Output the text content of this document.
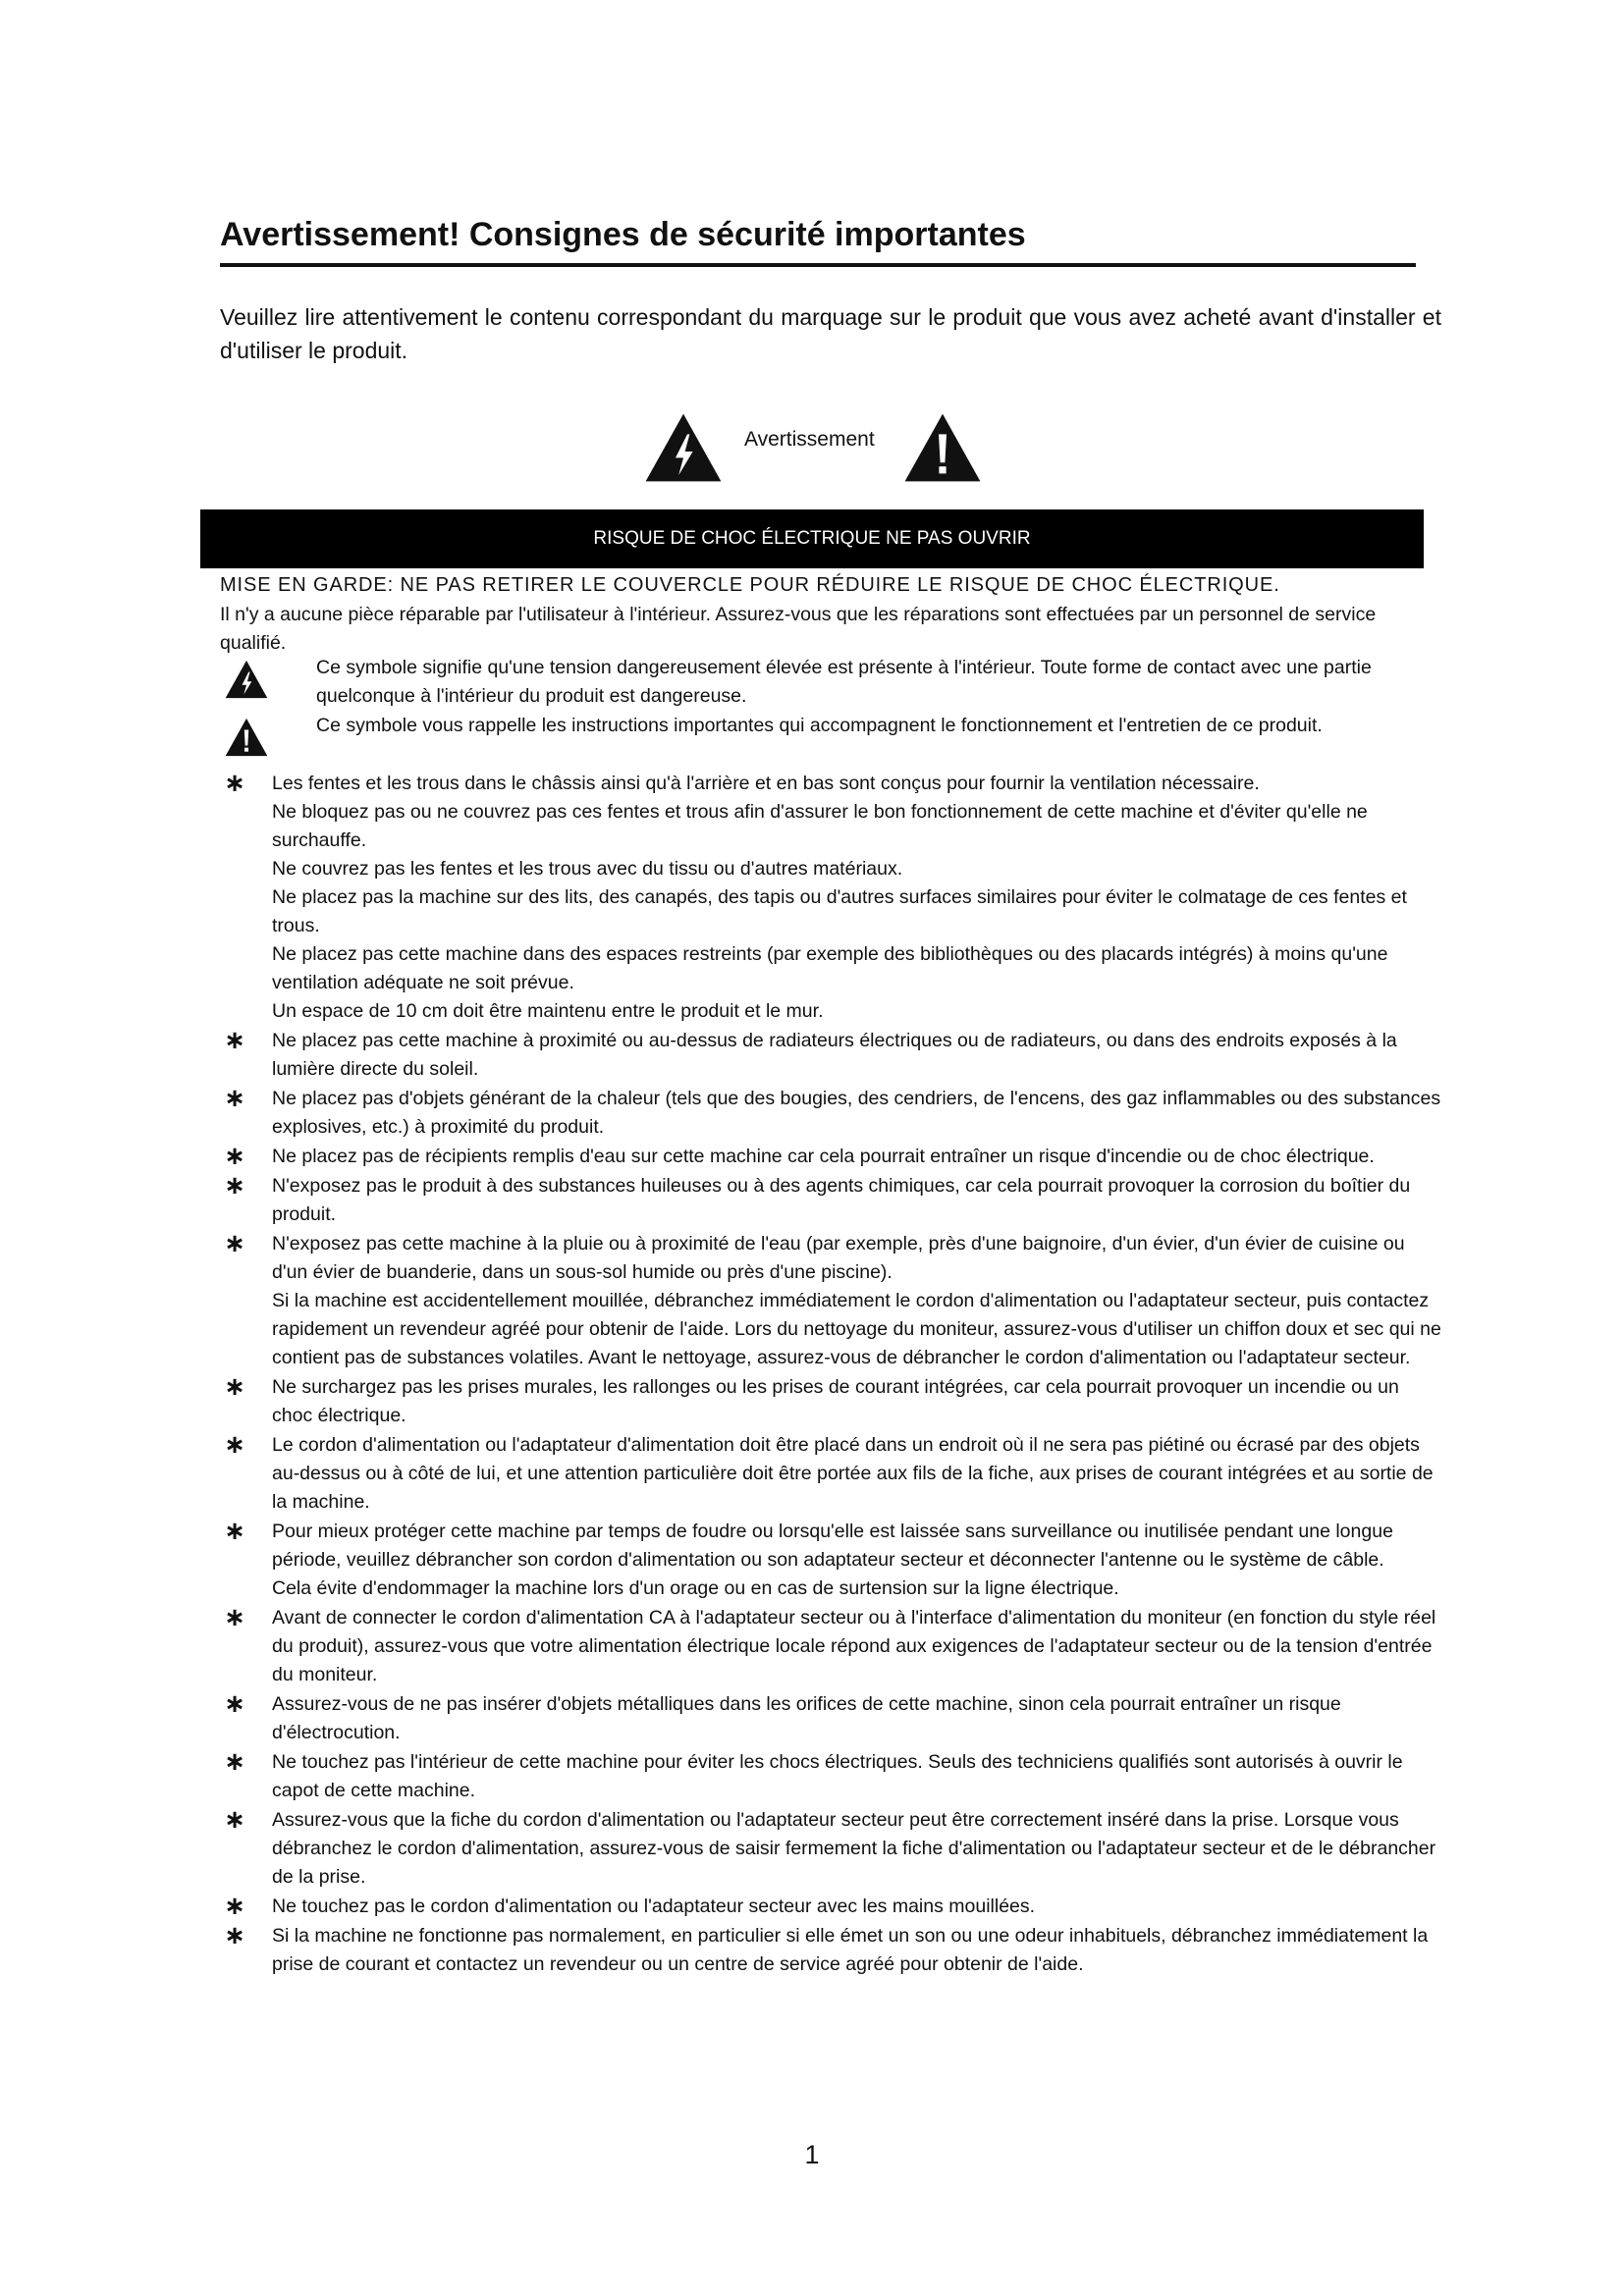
Avertissement! Consignes de sécurité importantes

Veuillez lire attentivement le contenu correspondant du marquage sur le produit que vous avez acheté avant d'installer et d'utiliser le produit.

Avertissement
RISQUE DE CHOC ÉLECTRIQUE NE PAS OUVRIR

MISE EN GARDE: NE PAS RETIRER LE COUVERCLE POUR RÉDUIRE LE RISQUE DE CHOC ÉLECTRIQUE.

Il n'y a aucune pièce réparable par l'utilisateur à l'intérieur. Assurez-vous que les réparations sont effectuées par un personnel de service qualifié.

Ce symbole signifie qu'une tension dangereusement élevée est présente à l'intérieur. Toute forme de contact avec une partie quelconque à l'intérieur du produit est dangereuse.

Ce symbole vous rappelle les instructions importantes qui accompagnent le fonctionnement et l'entretien de ce produit.

∗ Les fentes et les trous dans le châssis ainsi qu'à l'arrière et en bas sont conçus pour fournir la ventilation nécessaire.
Ne bloquez pas ou ne couvrez pas ces fentes et trous afin d'assurer le bon fonctionnement de cette machine et d'éviter qu'elle ne surchauffe.
Ne couvrez pas les fentes et les trous avec du tissu ou d'autres matériaux.
Ne placez pas la machine sur des lits, des canapés, des tapis ou d'autres surfaces similaires pour éviter le colmatage de ces fentes et trous.
Ne placez pas cette machine dans des espaces restreints (par exemple des bibliothèques ou des placards intégrés) à moins qu'une ventilation adéquate ne soit prévue.
Un espace de 10 cm doit être maintenu entre le produit et le mur.
∗ Ne placez pas cette machine à proximité ou au-dessus de radiateurs électriques ou de radiateurs, ou dans des endroits exposés à la lumière directe du soleil.
∗ Ne placez pas d'objets générant de la chaleur (tels que des bougies, des cendriers, de l'encens, des gaz inflammables ou des substances explosives, etc.) à proximité du produit.
∗ Ne placez pas de récipients remplis d'eau sur cette machine car cela pourrait entraîner un risque d'incendie ou de choc électrique.
∗ N'exposez pas le produit à des substances huileuses ou à des agents chimiques, car cela pourrait provoquer la corrosion du boîtier du produit.
∗ N'exposez pas cette machine à la pluie ou à proximité de l'eau (par exemple, près d'une baignoire, d'un évier, d'un évier de cuisine ou d'un évier de buanderie, dans un sous-sol humide ou près d'une piscine).
Si la machine est accidentellement mouillée, débranchez immédiatement le cordon d'alimentation ou l'adaptateur secteur, puis contactez rapidement un revendeur agréé pour obtenir de l'aide. Lors du nettoyage du moniteur, assurez-vous d'utiliser un chiffon doux et sec qui ne contient pas de substances volatiles. Avant le nettoyage, assurez-vous de débrancher le cordon d'alimentation ou l'adaptateur secteur.
∗ Ne surchargez pas les prises murales, les rallonges ou les prises de courant intégrées, car cela pourrait provoquer un incendie ou un choc électrique.
∗ Le cordon d'alimentation ou l'adaptateur d'alimentation doit être placé dans un endroit où il ne sera pas piétiné ou écrasé par des objets au-dessus ou à côté de lui, et une attention particulière doit être portée aux fils de la fiche, aux prises de courant intégrées et au sortie de la machine.
∗ Pour mieux protéger cette machine par temps de foudre ou lorsqu'elle est laissée sans surveillance ou inutilisée pendant une longue période, veuillez débrancher son cordon d'alimentation ou son adaptateur secteur et déconnecter l'antenne ou le système de câble.
Cela évite d'endommager la machine lors d'un orage ou en cas de surtension sur la ligne électrique.
∗ Avant de connecter le cordon d'alimentation CA à l'adaptateur secteur ou à l'interface d'alimentation du moniteur (en fonction du style réel du produit), assurez-vous que votre alimentation électrique locale répond aux exigences de l'adaptateur secteur ou de la tension d'entrée du moniteur.
∗ Assurez-vous de ne pas insérer d'objets métalliques dans les orifices de cette machine, sinon cela pourrait entraîner un risque d'électrocution.
∗ Ne touchez pas l'intérieur de cette machine pour éviter les chocs électriques. Seuls des techniciens qualifiés sont autorisés à ouvrir le capot de cette machine.
∗ Assurez-vous que la fiche du cordon d'alimentation ou l'adaptateur secteur peut être correctement inséré dans la prise. Lorsque vous débranchez le cordon d'alimentation, assurez-vous de saisir fermement la fiche d'alimentation ou l'adaptateur secteur et de le débrancher de la prise.
∗ Ne touchez pas le cordon d'alimentation ou l'adaptateur secteur avec les mains mouillées.
∗ Si la machine ne fonctionne pas normalement, en particulier si elle émet un son ou une odeur inhabituels, débranchez immédiatement la prise de courant et contactez un revendeur ou un centre de service agréé pour obtenir de l'aide.
1
